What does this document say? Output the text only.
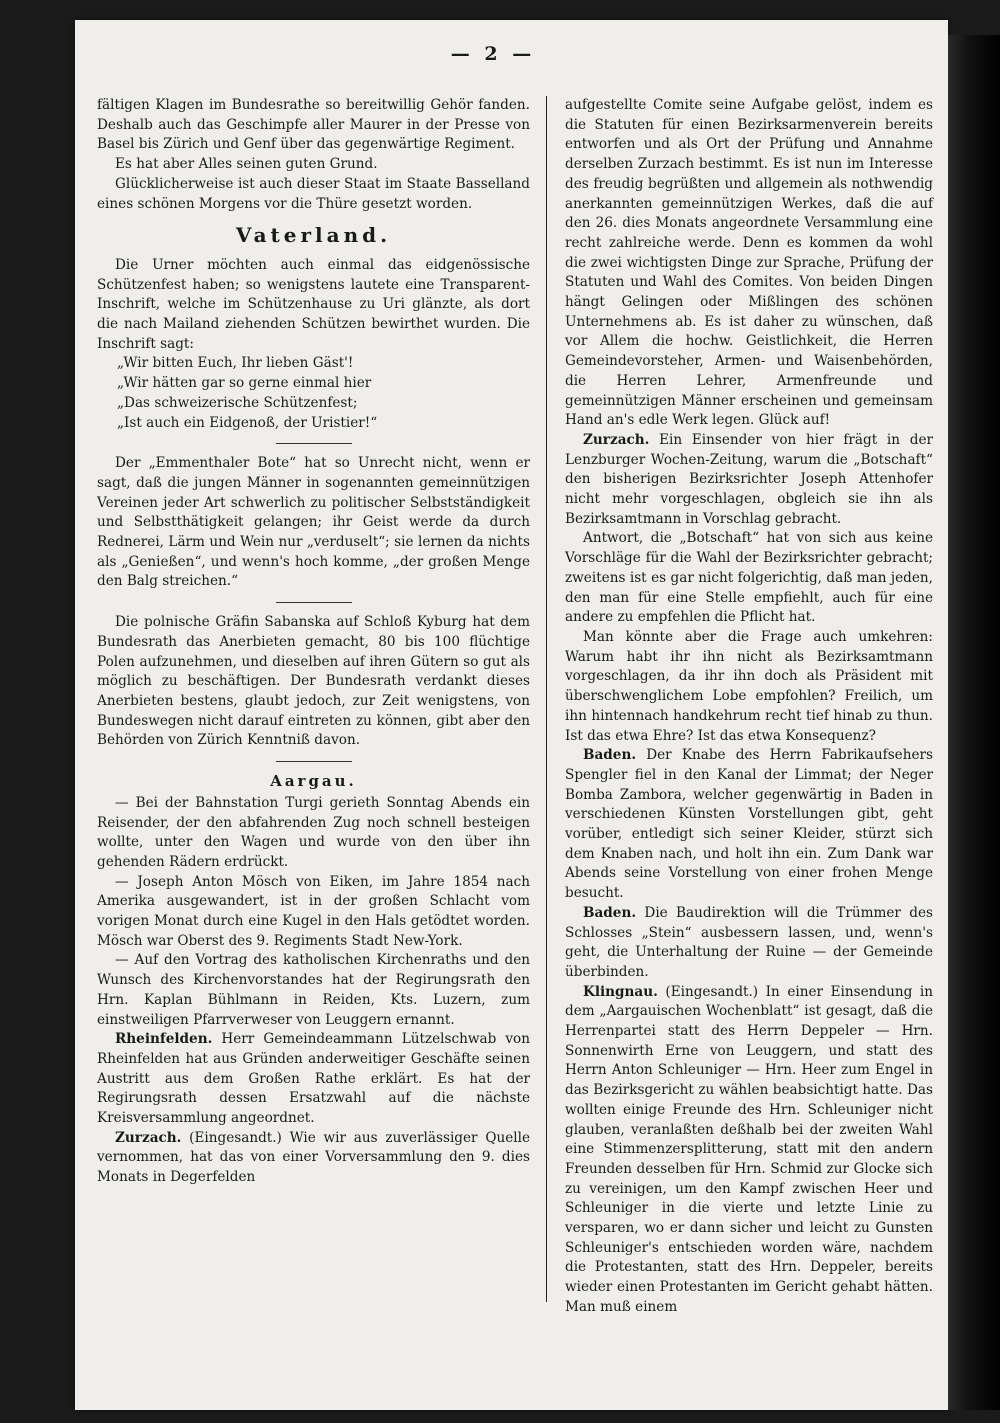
— 2 —

fältigen Klagen im Bundesrathe so bereitwillig Gehör fanden. Deshalb auch das Geschimpfe aller Maurer in der Presse von Basel bis Zürich und Genf über das gegenwärtige Regiment.

Es hat aber Alles seinen guten Grund.

Glücklicherweise ist auch dieser Staat im Staate Basselland eines schönen Morgens vor die Thüre gesetzt worden.

Vaterland.

Die Urner möchten auch einmal das eidgenössische Schützenfest haben; so wenigstens lautete eine Transparent-Inschrift, welche im Schützenhause zu Uri glänzte, als dort die nach Mailand ziehenden Schützen bewirthet wurden. Die Inschrift sagt:

„Wir bitten Euch, Ihr lieben Gäst'!
„Wir hätten gar so gerne einmal hier
„Das schweizerische Schützenfest;
„Ist auch ein Eidgenoß, der Uristier!“

Der „Emmenthaler Bote“ hat so Unrecht nicht, wenn er sagt, daß die jungen Männer in sogenannten gemeinnützigen Vereinen jeder Art schwerlich zu politischer Selbstständigkeit und Selbstthätigkeit gelangen; ihr Geist werde da durch Rednerei, Lärm und Wein nur „verduselt“; sie lernen da nichts als „Genießen“, und wenn's hoch komme, „der großen Menge den Balg streichen.“

Die polnische Gräfin Sabanska auf Schloß Kyburg hat dem Bundesrath das Anerbieten gemacht, 80 bis 100 flüchtige Polen aufzunehmen, und dieselben auf ihren Gütern so gut als möglich zu beschäftigen. Der Bundesrath verdankt dieses Anerbieten bestens, glaubt jedoch, zur Zeit wenigstens, von Bundeswegen nicht darauf eintreten zu können, gibt aber den Behörden von Zürich Kenntniß davon.

Aargau.

— Bei der Bahnstation Turgi gerieth Sonntag Abends ein Reisender, der den abfahrenden Zug noch schnell besteigen wollte, unter den Wagen und wurde von den über ihn gehenden Rädern erdrückt.

— Joseph Anton Mösch von Eiken, im Jahre 1854 nach Amerika ausgewandert, ist in der großen Schlacht vom vorigen Monat durch eine Kugel in den Hals getödtet worden. Mösch war Oberst des 9. Regiments Stadt New-York.

— Auf den Vortrag des katholischen Kirchenraths und den Wunsch des Kirchenvorstandes hat der Regirungsrath den Hrn. Kaplan Bühlmann in Reiden, Kts. Luzern, zum einstweiligen Pfarrverweser von Leuggern ernannt.

Rheinfelden. Herr Gemeindeammann Lützelschwab von Rheinfelden hat aus Gründen anderweitiger Geschäfte seinen Austritt aus dem Großen Rathe erklärt. Es hat der Regirungsrath dessen Ersatzwahl auf die nächste Kreisversammlung angeordnet.

Zurzach. (Eingesandt.) Wie wir aus zuverlässiger Quelle vernommen, hat das von einer Vorversammlung den 9. dies Monats in Degerfelden

aufgestellte Comite seine Aufgabe gelöst, indem es die Statuten für einen Bezirksarmenverein bereits entworfen und als Ort der Prüfung und Annahme derselben Zurzach bestimmt. Es ist nun im Interesse des freudig begrüßten und allgemein als nothwendig anerkannten gemeinnützigen Werkes, daß die auf den 26. dies Monats angeordnete Versammlung eine recht zahlreiche werde. Denn es kommen da wohl die zwei wichtigsten Dinge zur Sprache, Prüfung der Statuten und Wahl des Comites. Von beiden Dingen hängt Gelingen oder Mißlingen des schönen Unternehmens ab. Es ist daher zu wünschen, daß vor Allem die hochw. Geistlichkeit, die Herren Gemeindevorsteher, Armen- und Waisenbehörden, die Herren Lehrer, Armenfreunde und gemeinnützigen Männer erscheinen und gemeinsam Hand an's edle Werk legen. Glück auf!

Zurzach. Ein Einsender von hier frägt in der Lenzburger Wochen-Zeitung, warum die „Botschaft“ den bisherigen Bezirksrichter Joseph Attenhofer nicht mehr vorgeschlagen, obgleich sie ihn als Bezirksamtmann in Vorschlag gebracht.

Antwort, die „Botschaft“ hat von sich aus keine Vorschläge für die Wahl der Bezirksrichter gebracht; zweitens ist es gar nicht folgerichtig, daß man jeden, den man für eine Stelle empfiehlt, auch für eine andere zu empfehlen die Pflicht hat.

Man könnte aber die Frage auch umkehren: Warum habt ihr ihn nicht als Bezirksamtmann vorgeschlagen, da ihr ihn doch als Präsident mit überschwenglichem Lobe empfohlen? Freilich, um ihn hintennach handkehrum recht tief hinab zu thun. Ist das etwa Ehre? Ist das etwa Konsequenz?

Baden. Der Knabe des Herrn Fabrikaufsehers Spengler fiel in den Kanal der Limmat; der Neger Bomba Zambora, welcher gegenwärtig in Baden in verschiedenen Künsten Vorstellungen gibt, geht vorüber, entledigt sich seiner Kleider, stürzt sich dem Knaben nach, und holt ihn ein. Zum Dank war Abends seine Vorstellung von einer frohen Menge besucht.

Baden. Die Baudirektion will die Trümmer des Schlosses „Stein“ ausbessern lassen, und, wenn's geht, die Unterhaltung der Ruine — der Gemeinde überbinden.

Klingnau. (Eingesandt.) In einer Einsendung in dem „Aargauischen Wochenblatt“ ist gesagt, daß die Herrenpartei statt des Herrn Deppeler — Hrn. Sonnenwirth Erne von Leuggern, und statt des Herrn Anton Schleuniger — Hrn. Heer zum Engel in das Bezirksgericht zu wählen beabsichtigt hatte. Das wollten einige Freunde des Hrn. Schleuniger nicht glauben, veranlaßten deßhalb bei der zweiten Wahl eine Stimmenzersplitterung, statt mit den andern Freunden desselben für Hrn. Schmid zur Glocke sich zu vereinigen, um den Kampf zwischen Heer und Schleuniger in die vierte und letzte Linie zu versparen, wo er dann sicher und leicht zu Gunsten Schleuniger's entschieden worden wäre, nachdem die Protestanten, statt des Hrn. Deppeler, bereits wieder einen Protestanten im Gericht gehabt hätten. Man muß einem
